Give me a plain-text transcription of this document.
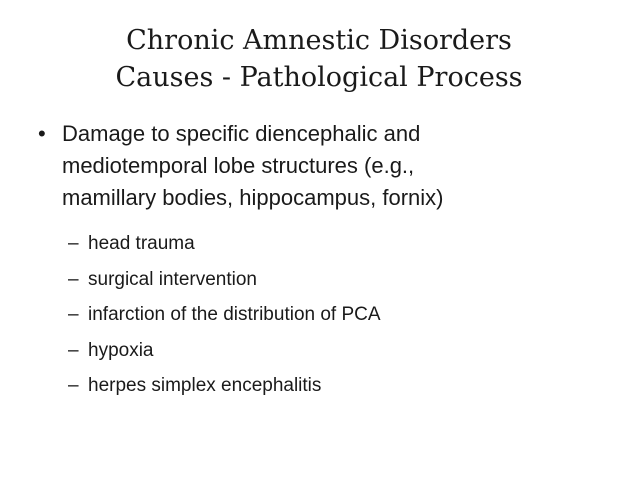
Chronic Amnestic Disorders
Causes - Pathological Process
• Damage to specific diencephalic and
mediotemporal lobe structures (e.g.,
mamillary bodies, hippocampus, fornix)
– head trauma
– surgical intervention
– infarction of the distribution of PCA
– hypoxia
– herpes simplex encephalitis
